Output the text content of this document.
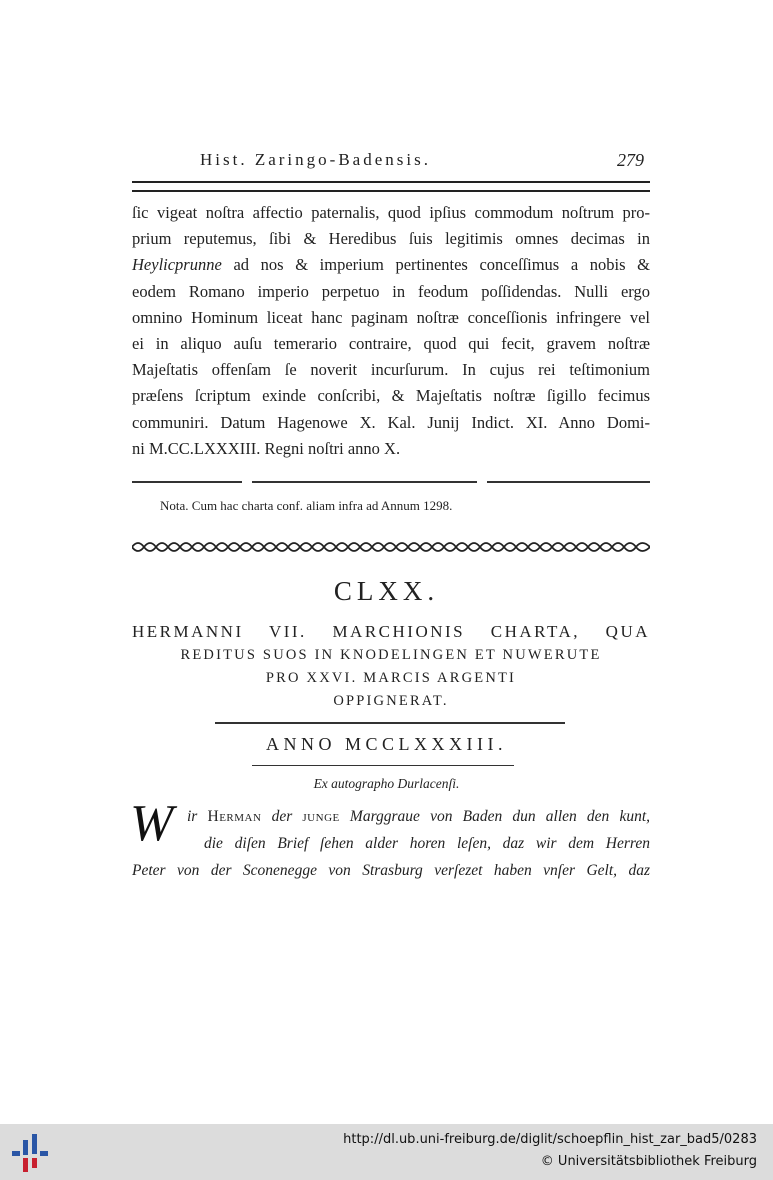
Hist. Zaringo-Badensis.	279
ſic vigeat noſtra affectio paternalis, quod ipſius commodum noſtrum pro-
prium reputemus, ſibi & Heredibus ſuis legitimis omnes decimas in
Heylicprunne ad nos & imperium pertinentes conceſſimus a nobis &
eodem Romano imperio perpetuo in feodum poſſidendas. Nulli ergo
omnino Hominum liceat hanc paginam noſtræ conceſſionis infringere vel
ei in aliquo auſu temerario contraire, quod qui fecit, gravem noſtræ
Majeſtatis offenſam ſe noverit incurſurum. In cujus rei teſtimonium
præſens ſcriptum exinde conſcribi, & Majeſtatis noſtræ ſigillo fecimus
communiri. Datum Hagenowe X. Kal. Junij Indict. XI. Anno Domi-
ni M.CC.LXXXIII. Regni noſtri anno X.
Nota. Cum hac charta conf. aliam infra ad Annum 1298.
CLXX.
HERMANNI VII. MARCHIONIS CHARTA, QUA
REDITUS SUOS IN KNODELINGEN ET NUWERUTE
PRO XXVI. MARCIS ARGENTI
OPPIGNERAT.
ANNO MCCLXXXIII.
Ex autographo Durlacenſi.
W ir Herman der junge Marggraue von Baden dun allen den kunt,
die diſen Brief ſehen alder horen leſen, daz wir dem Herren
Peter von der Sconenegge von Strasburg verſezet haben vnſer Gelt, daz
http://dl.ub.uni-freiburg.de/diglit/schoepflin_hist_zar_bad5/0283
© Universitätsbibliothek Freiburg
